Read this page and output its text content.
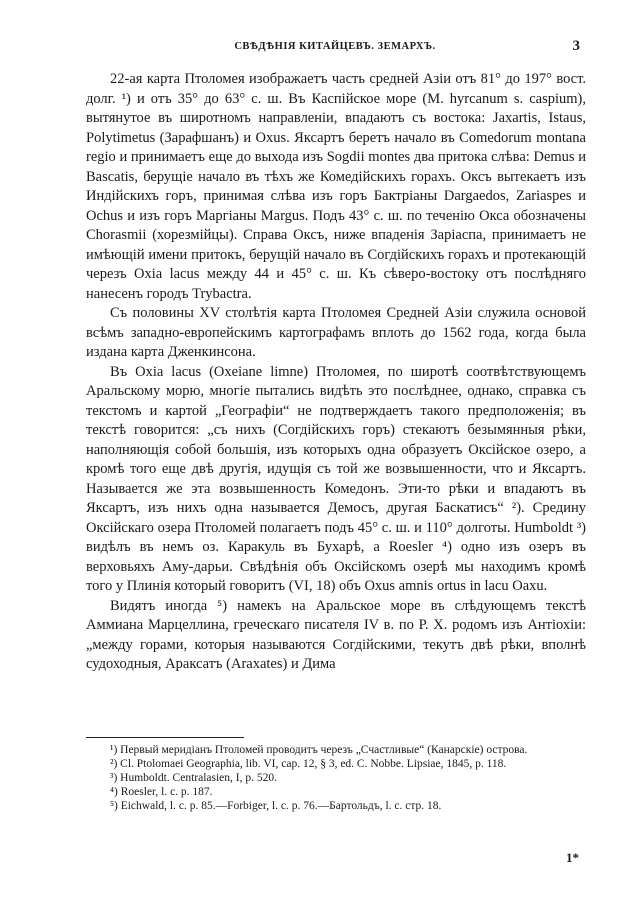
СВѢДѢНІЯ КИТАЙЦЕВЪ. ЗЕМАРХЪ.	3

22-ая карта Птоломея изображаетъ часть средней Азіи отъ 81° до 197° вост. долг. ¹) и отъ 35° до 63° с. ш. Въ Каспійское море (M. hyrcanum s. caspium), вытянутое въ широтномъ направленіи, впадаютъ съ востока: Jaxartis, Istaus, Polytimetus (Зарафшанъ) и Oxus. Яксартъ беретъ начало въ Comedorum montana regio и принимаетъ еще до выхода изъ Sogdii montes два притока слѣва: Demus и Bascatis, берущіе начало въ тѣхъ же Комедійскихъ горахъ. Оксъ вытекаетъ изъ Индійскихъ горъ, принимая слѣва изъ горъ Бактріаны Dargaedos, Zariaspes и Ochus и изъ горъ Маргіаны Margus. Подъ 43° с. ш. по теченію Окса обозначены Chorasmii (хорезмійцы). Справа Оксъ, ниже впаденія Заріаспа, принимаетъ не имѣющій имени притокъ, берущій начало въ Согдійскихъ горахъ и протекающій черезъ Oxia lacus между 44 и 45° с. ш. Къ сѣверо-востоку отъ послѣдняго нанесенъ городъ Trybactra.

Съ половины XV столѣтія карта Птоломея Средней Азіи служила основой всѣмъ западно-европейскимъ картографамъ вплоть до 1562 года, когда была издана карта Дженкинсона.

Въ Oxia lacus (Oxeiane limne) Птоломея, по широтѣ соотвѣтствующемъ Аральскому морю, многіе пытались видѣть это послѣднее, однако, справка съ текстомъ и картой „Географіи“ не подтверждаетъ такого предположенія; въ текстѣ говорится: „съ нихъ (Согдійскихъ горъ) стекаютъ безымянныя рѣки, наполняющія собой большія, изъ которыхъ одна образуетъ Оксійское озеро, а кромѣ того еще двѣ другія, идущія съ той же возвышенности, что и Яксартъ. Называется же эта возвышенность Комедонъ. Эти-то рѣки и впадаютъ въ Яксартъ, изъ нихъ одна называется Демосъ, другая Баскатисъ“ ²). Средину Оксійскаго озера Птоломей полагаетъ подъ 45° с. ш. и 110° долготы. Humboldt ³) видѣлъ въ немъ оз. Каракуль въ Бухарѣ, а Roesler ⁴) одно изъ озеръ въ верховьяхъ Аму-дарьи. Свѣдѣнія объ Оксійскомъ озерѣ мы находимъ кромѣ того у Плинія который говоритъ (VI, 18) объ Oxus amnis ortus in lacu Oaxu.

Видятъ иногда ⁵) намекъ на Аральское море въ слѣдующемъ текстѣ Аммиана Марцеллина, греческаго писателя IV в. по Р. Х. родомъ изъ Антіохіи: „между горами, которыя называются Согдійскими, текутъ двѣ рѣки, вполнѣ судоходныя, Араксатъ (Araxates) и Дима

¹) Первый меридіанъ Птоломей проводитъ черезъ „Счастливые“ (Канарскіе) острова.

²) Cl. Ptolomaei Geographia, lib. VI, cap. 12, § 3, ed. C. Nobbe. Lipsiae, 1845, p. 118.

³) Humboldt. Centralasien, I, p. 520.

⁴) Roesler, l. c. p. 187.

⁵) Eichwald, l. c. p. 85.—Forbiger, l. c. p. 76.—Бартольдъ, l. c. стр. 18.

1*
